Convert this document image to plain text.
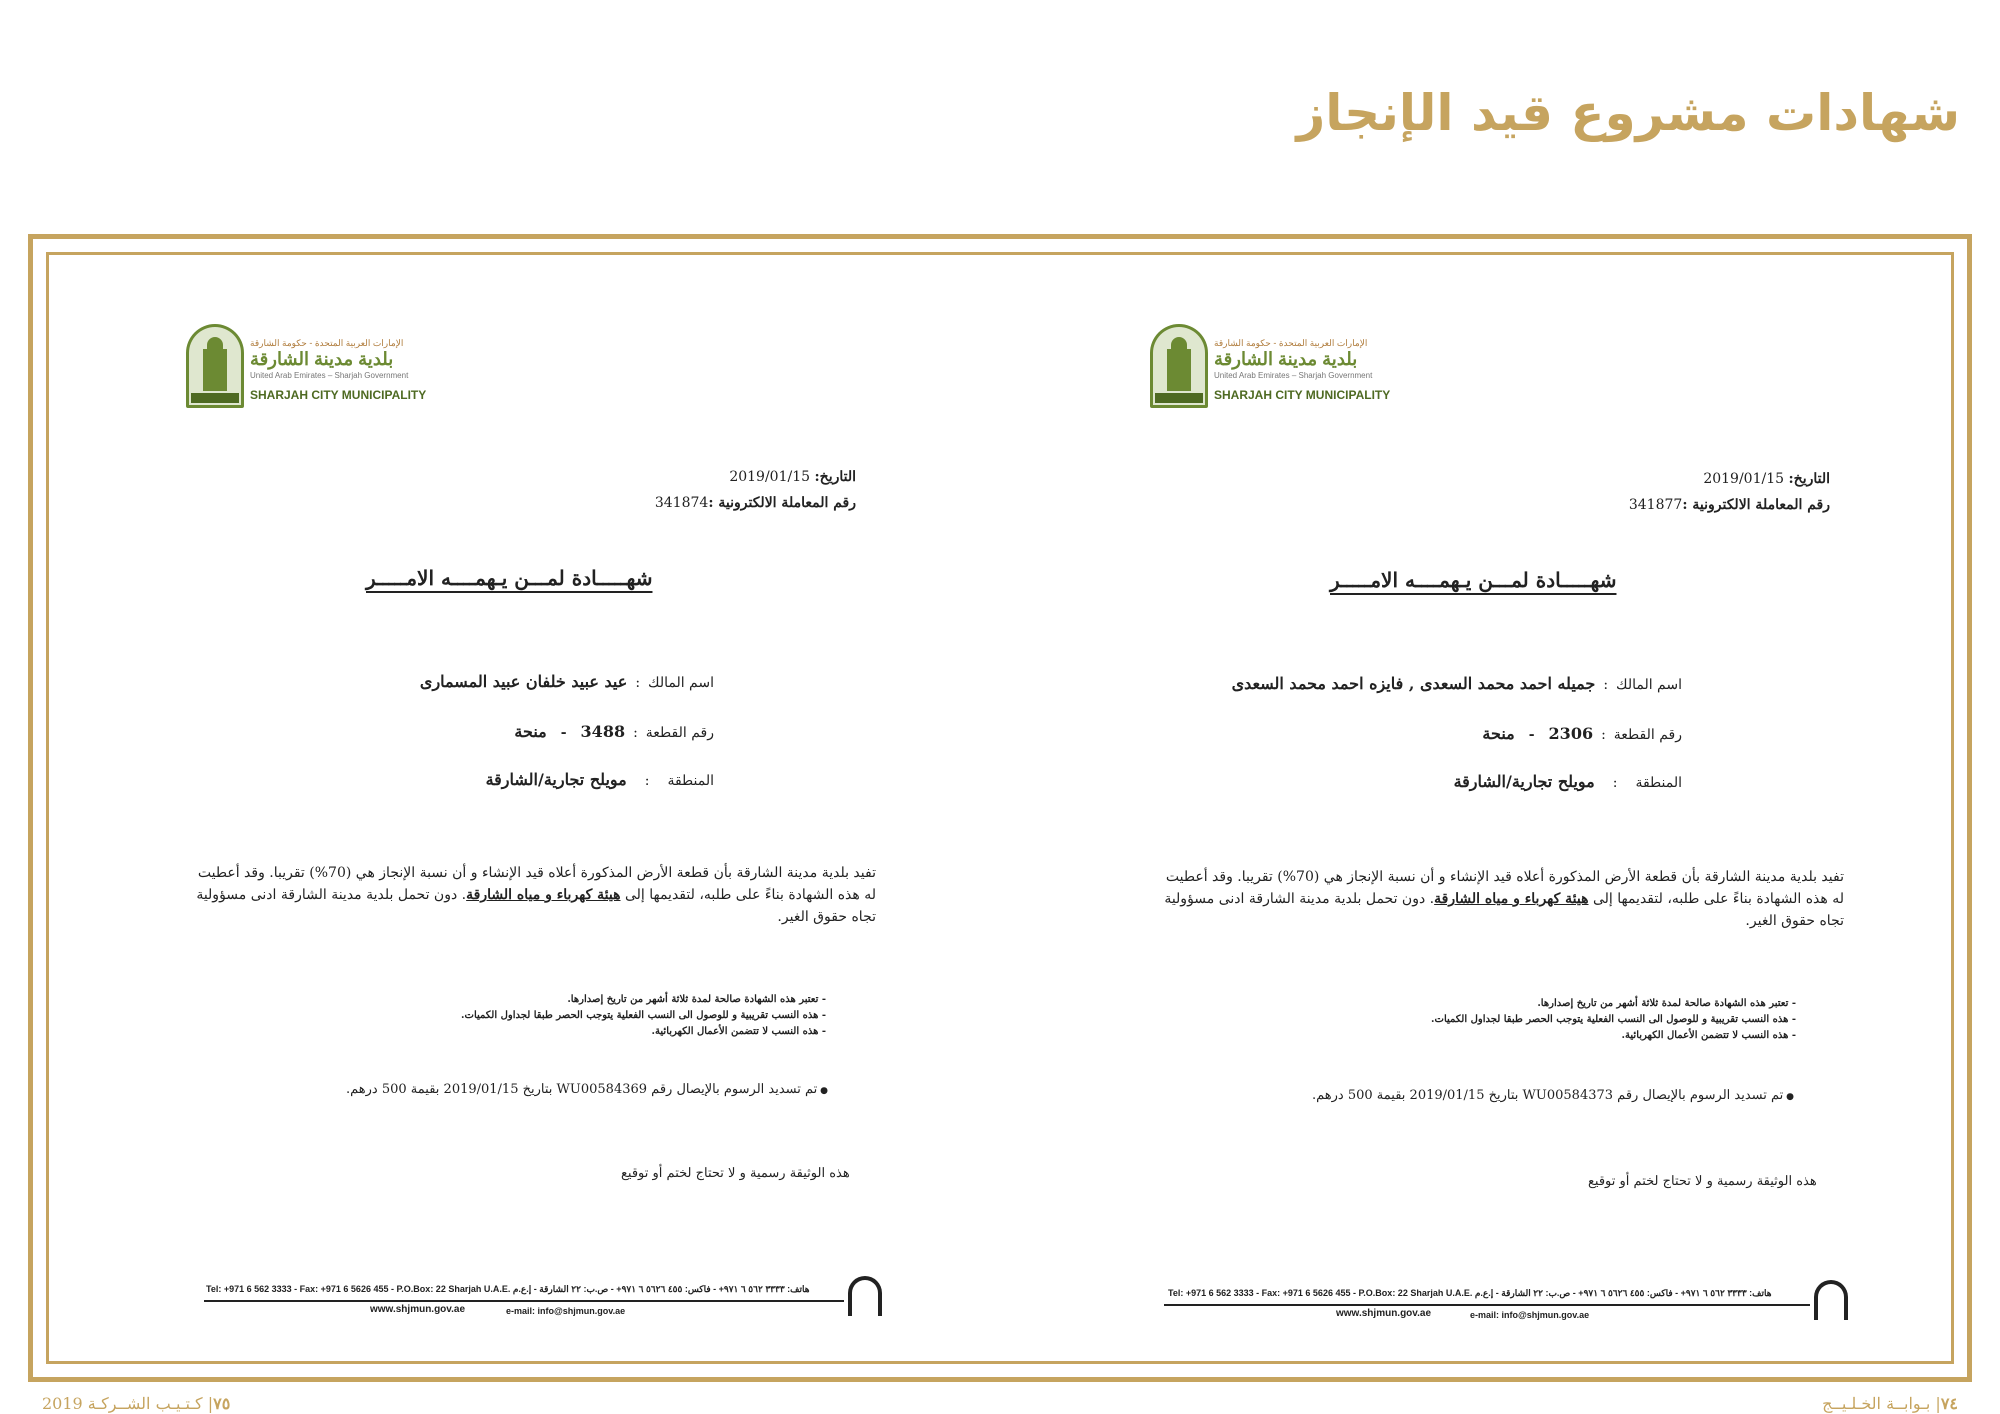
شهادات مشروع قيد الإنجاز
الإمارات العربية المتحدة - حكومة الشارقة
بلدية مدينة الشارقة
United Arab Emirates – Sharjah Government
SHARJAH CITY MUNICIPALITY
التاريخ: 2019/01/15
رقم المعاملة الالكترونية :341874
شهـــــادة لمـــن يـهمــــه الامـــــر
اسم المالك:عيد عبيد خلفان عبيد المسمارى
رقم القطعة:3488-منحة
المنطقة:مويلح تجارية/الشارقة
تفيد بلدية مدينة الشارقة بأن قطعة الأرض المذكورة أعلاه قيد الإنشاء و أن نسبة الإنجاز هي (70%) تقريبا. وقد أعطيت له هذه الشهادة بناءً على طلبه، لتقديمها إلى هيئة كهرباء و مياه الشارقة. دون تحمل بلدية مدينة الشارقة ادنى مسؤولية تجاه حقوق الغير.
- تعتبر هذه الشهادة صالحة لمدة ثلاثة أشهر من تاريخ إصدارها.
- هذه النسب تقريبية و للوصول الى النسب الفعلية يتوجب الحصر طبقا لجداول الكميات.
- هذه النسب لا تتضمن الأعمال الكهربائية.
● تم تسديد الرسوم بالإيصال رقم WU00584369 بتاريخ 2019/01/15 بقيمة 500 درهم.
هذه الوثيقة رسمية و لا تحتاج لختم أو توقيع
Tel: +971 6 562 3333 - Fax: +971 6 5626 455 - P.O.Box: 22 Sharjah U.A.E. هاتف: ٣٣٣٣ ٥٦٢ ٦ ٩٧١+ - فاكس: ٤٥٥ ٥٦٢٦ ٦ ٩٧١+ - ص.ب: ٢٢ الشارقة - إ.ع.م
www.shjmun.gov.ae	e-mail: info@shjmun.gov.ae
الإمارات العربية المتحدة - حكومة الشارقة
بلدية مدينة الشارقة
United Arab Emirates – Sharjah Government
SHARJAH CITY MUNICIPALITY
التاريخ: 2019/01/15
رقم المعاملة الالكترونية :341877
شهـــــادة لمـــن يـهمــــه الامـــــر
اسم المالك:جميله احمد محمد السعدى , فايزه احمد محمد السعدى
رقم القطعة:2306-منحة
المنطقة:مويلح تجارية/الشارقة
تفيد بلدية مدينة الشارقة بأن قطعة الأرض المذكورة أعلاه قيد الإنشاء و أن نسبة الإنجاز هي (70%) تقريبا. وقد أعطيت له هذه الشهادة بناءً على طلبه، لتقديمها إلى هيئة كهرباء و مياه الشارقة. دون تحمل بلدية مدينة الشارقة ادنى مسؤولية تجاه حقوق الغير.
- تعتبر هذه الشهادة صالحة لمدة ثلاثة أشهر من تاريخ إصدارها.
- هذه النسب تقريبية و للوصول الى النسب الفعلية يتوجب الحصر طبقا لجداول الكميات.
- هذه النسب لا تتضمن الأعمال الكهربائية.
● تم تسديد الرسوم بالإيصال رقم WU00584373 بتاريخ 2019/01/15 بقيمة 500 درهم.
هذه الوثيقة رسمية و لا تحتاج لختم أو توقيع
Tel: +971 6 562 3333 - Fax: +971 6 5626 455 - P.O.Box: 22 Sharjah U.A.E. هاتف: ٣٣٣٣ ٥٦٢ ٦ ٩٧١+ - فاكس: ٤٥٥ ٥٦٢٦ ٦ ٩٧١+ - ص.ب: ٢٢ الشارقة - إ.ع.م
www.shjmun.gov.ae	e-mail: info@shjmun.gov.ae
٧٥| كـتـيـب الشــركـة 2019	٧٤| بـوابــة الخـلـيــج
